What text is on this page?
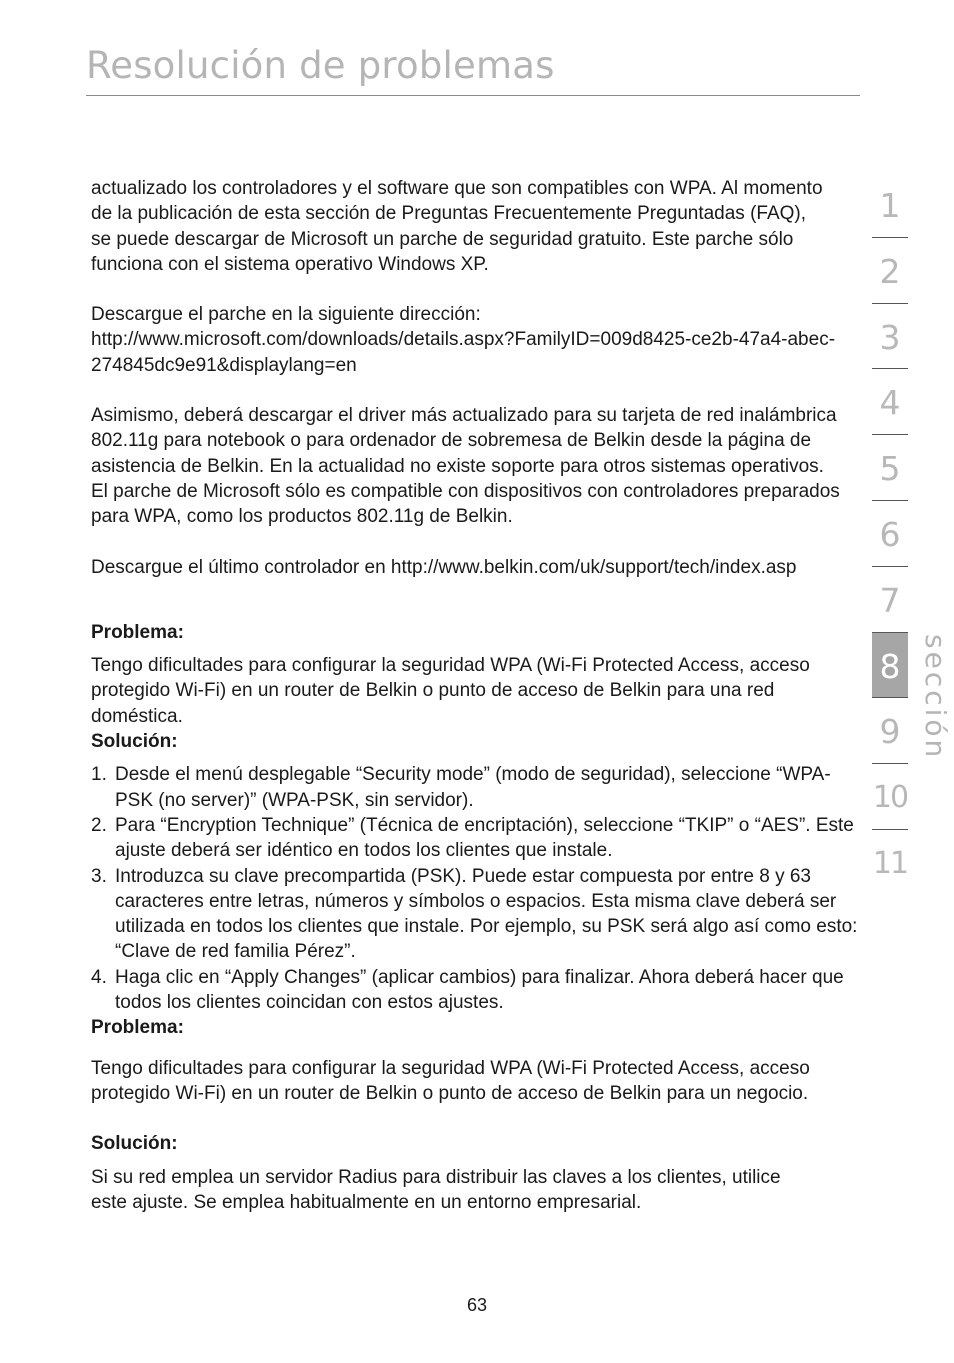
Resolución de problemas

actualizado los controladores y el software que son compatibles con WPA. Al momento de la publicación de esta sección de Preguntas Frecuentemente Preguntadas (FAQ), se puede descargar de Microsoft un parche de seguridad gratuito. Este parche sólo funciona con el sistema operativo Windows XP.

Descargue el parche en la siguiente dirección:

http://www.microsoft.com/downloads/details.aspx?FamilyID=009d8425-ce2b-47a4-abec-274845dc9e91&displaylang=en

Asimismo, deberá descargar el driver más actualizado para su tarjeta de red inalámbrica 802.11g para notebook o para ordenador de sobremesa de Belkin desde la página de asistencia de Belkin. En la actualidad no existe soporte para otros sistemas operativos. El parche de Microsoft sólo es compatible con dispositivos con controladores preparados para WPA, como los productos 802.11g de Belkin.

Descargue el último controlador en http://www.belkin.com/uk/support/tech/index.asp

Problema:

Tengo dificultades para configurar la seguridad WPA (Wi-Fi Protected Access, acceso protegido Wi-Fi) en un router de Belkin o punto de acceso de Belkin para una red doméstica.

Solución:

1. Desde el menú desplegable “Security mode” (modo de seguridad), seleccione “WPA-PSK (no server)” (WPA-PSK, sin servidor).
2. Para “Encryption Technique” (Técnica de encriptación), seleccione “TKIP” o “AES”. Este ajuste deberá ser idéntico en todos los clientes que instale.
3. Introduzca su clave precompartida (PSK). Puede estar compuesta por entre 8 y 63 caracteres entre letras, números y símbolos o espacios. Esta misma clave deberá ser utilizada en todos los clientes que instale. Por ejemplo, su PSK será algo así como esto: “Clave de red familia Pérez”.
4. Haga clic en “Apply Changes” (aplicar cambios) para finalizar. Ahora deberá hacer que todos los clientes coincidan con estos ajustes.

Problema:

Tengo dificultades para configurar la seguridad WPA (Wi-Fi Protected Access, acceso protegido Wi-Fi) en un router de Belkin o punto de acceso de Belkin para un negocio.

Solución:

Si su red emplea un servidor Radius para distribuir las claves a los clientes, utilice este ajuste. Se emplea habitualmente en un entorno empresarial.

63
1
2
3
4
5
6
7
8
9
10
11
sección
